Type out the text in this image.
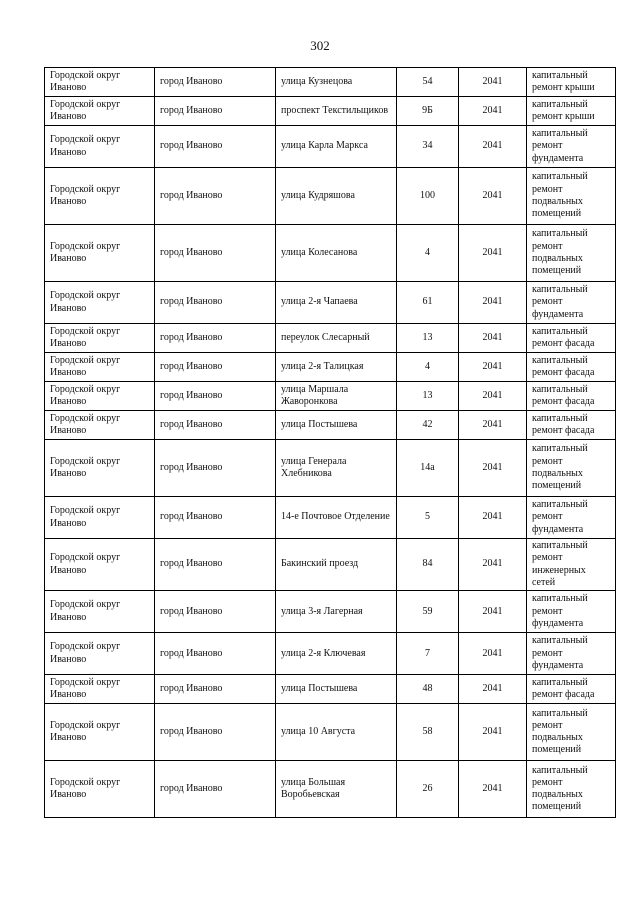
302
Городской округ Иваново	город Иваново	улица Кузнецова	54	2041	капитальный ремонт крыши
Городской округ Иваново	город Иваново	проспект Текстильщиков	9Б	2041	капитальный ремонт крыши
Городской округ Иваново	город Иваново	улица Карла Маркса	34	2041	капитальный ремонт фундамента
Городской округ Иваново	город Иваново	улица Кудряшова	100	2041	капитальный ремонт подвальных помещений
Городской округ Иваново	город Иваново	улица Колесанова	4	2041	капитальный ремонт подвальных помещений
Городской округ Иваново	город Иваново	улица 2-я Чапаева	61	2041	капитальный ремонт фундамента
Городской округ Иваново	город Иваново	переулок Слесарный	13	2041	капитальный ремонт фасада
Городской округ Иваново	город Иваново	улица 2-я Талицкая	4	2041	капитальный ремонт фасада
Городской округ Иваново	город Иваново	улица Маршала Жаворонкова	13	2041	капитальный ремонт фасада
Городской округ Иваново	город Иваново	улица Постышева	42	2041	капитальный ремонт фасада
Городской округ Иваново	город Иваново	улица Генерала Хлебникова	14а	2041	капитальный ремонт подвальных помещений
Городской округ Иваново	город Иваново	14-е Почтовое Отделение	5	2041	капитальный ремонт фундамента
Городской округ Иваново	город Иваново	Бакинский проезд	84	2041	капитальный ремонт инженерных сетей
Городской округ Иваново	город Иваново	улица 3-я Лагерная	59	2041	капитальный ремонт фундамента
Городской округ Иваново	город Иваново	улица 2-я Ключевая	7	2041	капитальный ремонт фундамента
Городской округ Иваново	город Иваново	улица Постышева	48	2041	капитальный ремонт фасада
Городской округ Иваново	город Иваново	улица 10 Августа	58	2041	капитальный ремонт подвальных помещений
Городской округ Иваново	город Иваново	улица Большая Воробьевская	26	2041	капитальный ремонт подвальных помещений
